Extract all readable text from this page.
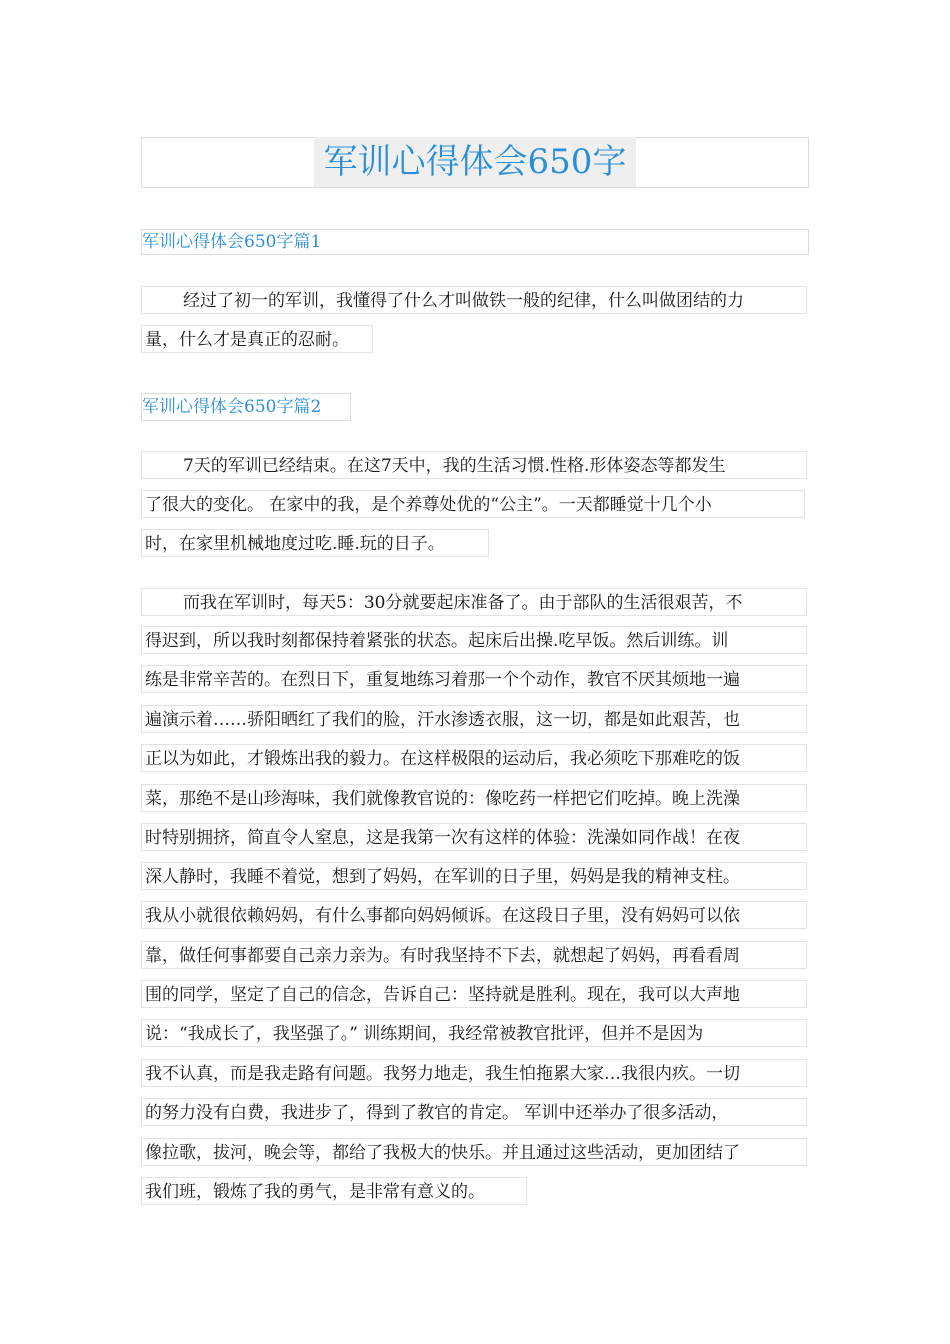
军训心得体会650字
军训心得体会650字篇1
经过了初一的军训，我懂得了什么才叫做铁一般的纪律，什么叫做团结的力
量，什么才是真正的忍耐。
军训心得体会650字篇2
7天的军训已经结束。在这7天中，我的生活习惯.性格.形体姿态等都发生
了很大的变化。 在家中的我，是个养尊处优的“公主”。一天都睡觉十几个小
时，在家里机械地度过吃.睡.玩的日子。
而我在军训时，每天5：30分就要起床准备了。由于部队的生活很艰苦，不
得迟到，所以我时刻都保持着紧张的状态。起床后出操.吃早饭。然后训练。训
练是非常辛苦的。在烈日下，重复地练习着那一个个动作，教官不厌其烦地一遍
遍演示着……骄阳晒红了我们的脸，汗水渗透衣服，这一切，都是如此艰苦，也
正以为如此，才锻炼出我的毅力。在这样极限的运动后，我必须吃下那难吃的饭
菜，那绝不是山珍海味，我们就像教官说的：像吃药一样把它们吃掉。晚上洗澡
时特别拥挤，简直令人窒息，这是我第一次有这样的体验：洗澡如同作战！在夜
深人静时，我睡不着觉，想到了妈妈，在军训的日子里，妈妈是我的精神支柱。
我从小就很依赖妈妈，有什么事都向妈妈倾诉。在这段日子里，没有妈妈可以依
靠，做任何事都要自己亲力亲为。有时我坚持不下去，就想起了妈妈，再看看周
围的同学，坚定了自己的信念，告诉自己：坚持就是胜利。现在，我可以大声地
说：“我成长了，我坚强了。” 训练期间，我经常被教官批评，但并不是因为
我不认真，而是我走路有问题。我努力地走，我生怕拖累大家…我很内疚。一切
的努力没有白费，我进步了，得到了教官的肯定。 军训中还举办了很多活动，
像拉歌，拔河，晚会等，都给了我极大的快乐。并且通过这些活动，更加团结了
我们班，锻炼了我的勇气，是非常有意义的。
